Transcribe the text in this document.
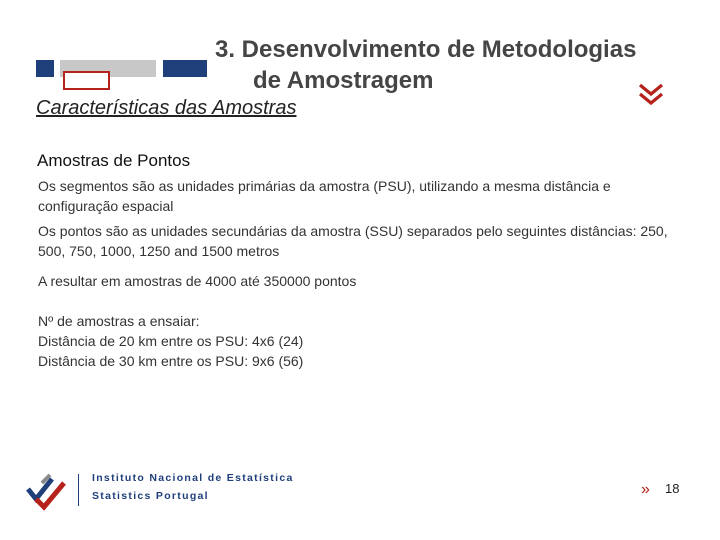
3. Desenvolvimento de Metodologias
de Amostragem
Características das Amostras
Amostras de Pontos
Os segmentos são as unidades primárias da amostra (PSU), utilizando a mesma distância e configuração espacial
Os pontos são as unidades secundárias da amostra (SSU) separados pelo seguintes distâncias: 250, 500, 750, 1000, 1250 and 1500 metros
A resultar em amostras de 4000 até 350000 pontos
Nº de amostras a ensaiar:
Distância de 20 km entre os PSU: 4x6 (24)
Distância de 30 km entre os PSU: 9x6 (56)
Instituto Nacional de Estatística
Statistics Portugal	» 18
